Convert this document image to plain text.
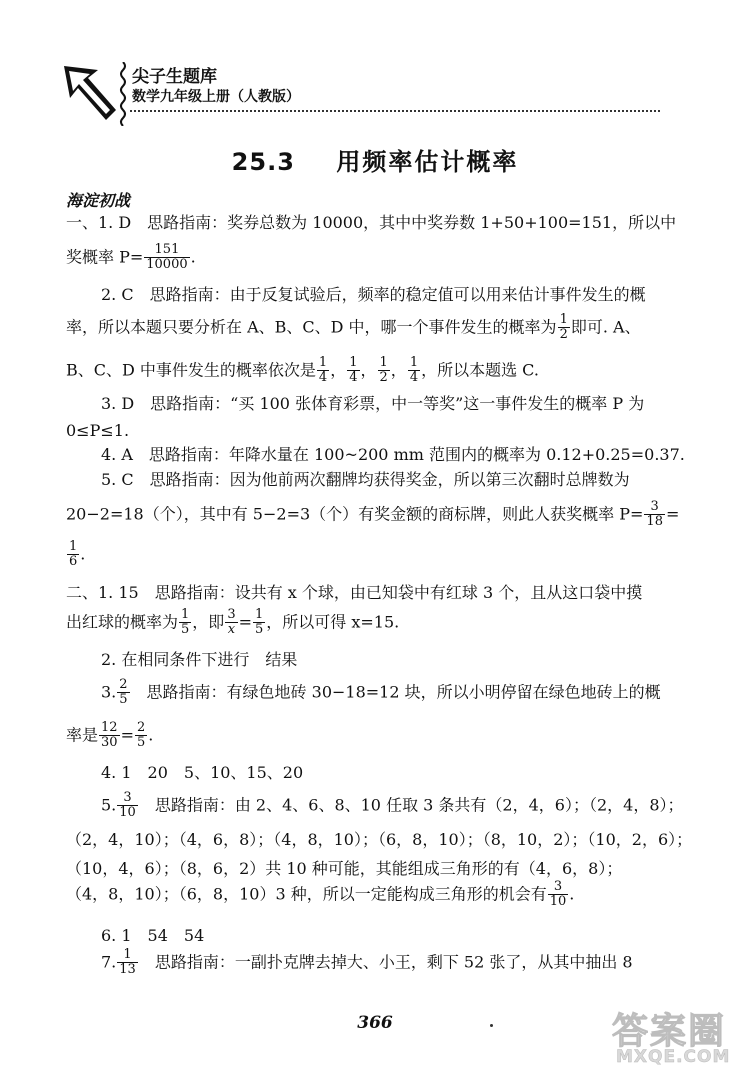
尖子生题库
数学九年级上册（人教版）
25.3 用频率估计概率
海淀初战
一、1. D　思路指南：奖券总数为 10000，其中中奖券数 1+50+100=151，所以中
奖概率 $P= \frac{151}{10000}$ .
2. C　思路指南：由于反复试验后，频率的稳定值可以用来估计事件发生的概
率，所以本题只要分析在 A、B、C、D 中，哪一个事件发生的概率为 $\frac{1}{2}$ 即可. A、
B、C、D 中事件发生的概率依次是 $\frac{1}{4}$ ， $\frac{1}{4}$ ， $\frac{1}{2}$ ， $\frac{1}{4}$ ，所以本题选 C.
3. D　思路指南：“买 100 张体育彩票，中一等奖”这一事件发生的概率 P 为
0≤P≤1.
4. A　思路指南：年降水量在 100~200 mm 范围内的概率为 0.12+0.25=0.37.
5. C　思路指南：因为他前两次翻牌均获得奖金，所以第三次翻时总牌数为
20−2=18（个），其中有 5−2=3（个）有奖金额的商标牌，则此人获奖概率 $P= \frac{3}{18}$ =
$\frac{1}{6}$ .
二、1. 15　思路指南：设共有 x 个球，由已知袋中有红球 3 个，且从这口袋中摸
出红球的概率为 $\frac{1}{5}$ ，即 $\frac{3}{x} = \frac{1}{5}$ ，所以可得 x=15.
2. 在相同条件下进行　结果
3. $\frac{2}{5}$ 　思路指南：有绿色地砖 30−18=12 块，所以小明停留在绿色地砖上的概
率是 $\frac{12}{30} = \frac{2}{5}$ .
4. 1　20　5、10、15、20
5. $\frac{3}{10}$ 　思路指南：由 2、4、6、8、10 任取 3 条共有（2，4，6）；（2，4，8）；
（2，4，10）；（4，6，8）；（4，8，10）；（6，8，10）；（8，10，2）；（10，2，6）；
（10，4，6）；（8，6，2）共 10 种可能，其能组成三角形的有（4，6，8）；
（4，8，10）；（6，8，10）3 种，所以一定能构成三角形的机会有 $\frac{3}{10}$ .
6. 1　54　54
7. $\frac{1}{13}$ 　思路指南：一副扑克牌去掉大、小王，剩下 52 张了，从其中抽出 8
366	答案圈
MXQE.COM
